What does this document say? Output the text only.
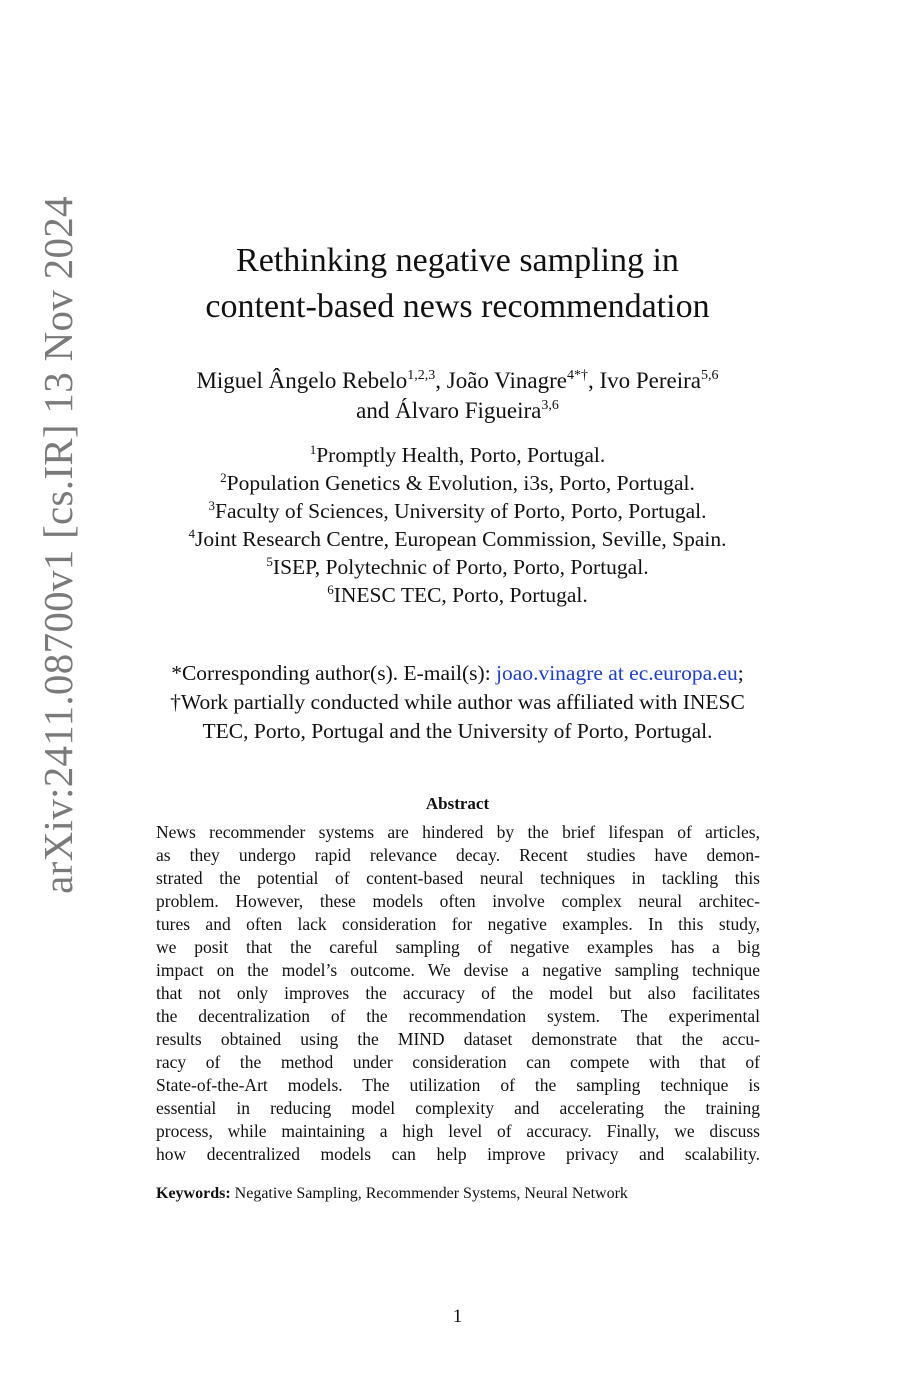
arXiv:2411.08700v1 [cs.IR] 13 Nov 2024	Rethinking negative sampling in
content-based news recommendation
Miguel Ângelo Rebelo$^{1,2,3}$, João Vinagre$^{4*\dagger}$, Ivo Pereira$^{5,6}$
and Álvaro Figueira$^{3,6}$
$^1$Promptly Health, Porto, Portugal.
$^2$Population Genetics & Evolution, i3s, Porto, Portugal.
$^3$Faculty of Sciences, University of Porto, Porto, Portugal.
$^4$Joint Research Centre, European Commission, Seville, Spain.
$^5$ISEP, Polytechnic of Porto, Porto, Portugal.
$^6$INESC TEC, Porto, Portugal.
*Corresponding author(s). E-mail(s): joao.vinagre at ec.europa.eu;
†Work partially conducted while author was affiliated with INESC
TEC, Porto, Portugal and the University of Porto, Portugal.
Abstract
News recommender systems are hindered by the brief lifespan of articles,
as they undergo rapid relevance decay. Recent studies have demon-
strated the potential of content-based neural techniques in tackling this
problem. However, these models often involve complex neural architec-
tures and often lack consideration for negative examples. In this study,
we posit that the careful sampling of negative examples has a big
impact on the model’s outcome. We devise a negative sampling technique
that not only improves the accuracy of the model but also facilitates
the decentralization of the recommendation system. The experimental
results obtained using the MIND dataset demonstrate that the accu-
racy of the method under consideration can compete with that of
State-of-the-Art models. The utilization of the sampling technique is
essential in reducing model complexity and accelerating the training
process, while maintaining a high level of accuracy. Finally, we discuss
how decentralized models can help improve privacy and scalability.
Keywords: Negative Sampling, Recommender Systems, Neural Network
1
